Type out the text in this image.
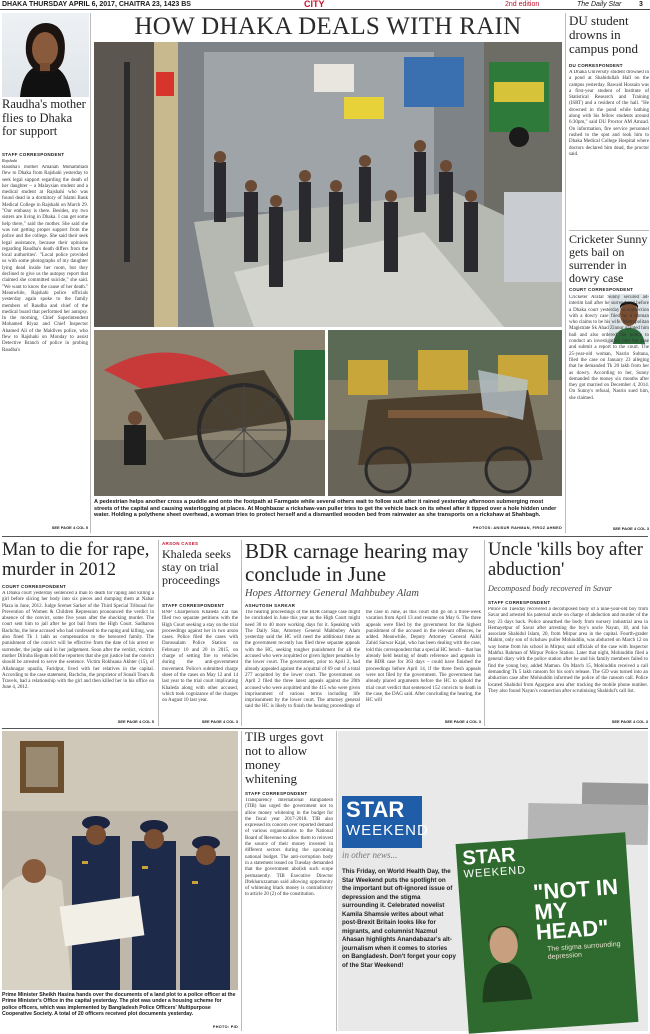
DHAKA THURSDAY APRIL 6, 2017, CHAITRA 23, 1423 BS	CITY	2nd edition	The Daily Star	3
Raudha's mother flies to Dhaka for support
STAFF CORRESPONDENT
Rajshahi
Raudha's mother Amanah Mohammadi flew to Dhaka from Rajshahi yesterday to seek legal support regarding the death of her daughter – a Malaysian student and a medical student at Rajshahi who was found dead in a dormitory of Islami Bank Medical College in Rajshahi on March 29. "Our embassy is there. Besides, my two sisters are living in Dhaka. I can get some help there," said the mother. She said she was not getting proper support from the police and the college. She said their seek legal assistance, because their opinions regarding Raudha's death differs from the local authorities'. "Local police provided us with some photographs of my daughter lying dead inside her room, but they declined to give us the autopsy report that claimed she committed suicide," she said. "We want to know the cause of her death." Meanwhile, Rajshahi police officials yesterday again spoke to the family members of Raudha and chief of the medical board that performed her autopsy. In the morning, Chief Superintendent Mohamed Riyaz and Chief Inspector Ahamed Ali of the Maldives police, who flew to Rajshahi on Monday to assist Detective Branch of police in probing Raudha's
SEE PAGE 4 COL 5
HOW DHAKA DEALS WITH RAIN
A pedestrian helps another cross a puddle and onto the footpath at Farmgate while several others wait to follow suit after it rained yesterday afternoon submerging most streets of the capital and causing waterlogging at places. At Moghbazar a rickshaw-van puller tries to get the vehicle back on its wheel after it tipped over a hole hidden under water. Holding a polythene sheet overhead, a woman tries to protect herself and a dismantled wooden bed from rainwater as she transports on a rickshaw at Shahbagh.
PHOTOS: ANISUR RAHMAN, FIROZ AHMED
DU student drowns in campus pond
DU CORRESPONDENT
A Dhaka University student drowned in a pond at Shahidullah Hall on the campus yesterday. Bawaid Hossain was a first-year student of Institute of Statistical Research and Training (ISRT) and a resident of the hall. "He drowned in the pond while bathing along with his fellow students around 6:30pm," said DU Proctor AM Amzad. On information, fire service personnel rushed to the spot and took him to Dhaka Medical College Hospital where doctors declared him dead, the proctor said.
Cricketer Sunny gets bail on surrender in dowry case
COURT CORRESPONDENT
Cricketer Arafat Sunny secured ad-interim bail after he surrendered before a Dhaka court yesterday in connection with a dowry case filed by a woman who claims to be his wife. Metropolitan Magistrate Sk Ahad Zinnur granted him bail and also ordered the police to conduct an investigation into the case and submit a report to the court. The 25-year-old woman, Nasrin Sultana, filed the case on January 23 alleging that he demanded Tk 20 lakh from her as dowry. According to her, Sunny demanded the money six months after they got married on December 4, 2014. On Sunny's refusal, Nasrin sued him, she claimed.
SEE PAGE 4 COL 3
Man to die for rape, murder in 2012
COURT CORRESPONDENT
A Dhaka court yesterday sentenced a man to death for raping and killing a girl before slicing her body into six pieces and dumping them at Nabar Plaza in June, 2012. Judge Sremet Sarker of the Third Special Tribunal for Prevention of Women & Children Repression pronounced the verdict in absence of the convict, some five years after the shocking murder. The court sent him to jail after he got bail from the High Court. Sadharon Bachchu, the lone accused who had confessed to the raping and killing, was also fined Tk 1 lakh as compensation to the bereaved family. The punishment of the convict will be effective from the date of his arrest or surrender, the judge said in her judgement. Soon after the verdict, victim's mother Dilruba Begum told the reporters that she got justice but the convict should be arrested to serve the sentence. Victim Rokhsana Akhter (15), of Allahnagar upazila, Faridpur, lived with her relatives in the capital. According to the case statement, Bachchu, the proprietor of Sonali Tours & Travels, had a relationship with the girl and then killed her in his office on June 4, 2012.
SEE PAGE 4 COL 5
ARSON CASES
Khaleda seeks stay on trial proceedings
STAFF CORRESPONDENT
BNP Chairperson Khaleda Zia has filed two separate petitions with the High Court seeking a stay on the trial proceedings against her in two arson cases. Police filed the cases with Darussalam Police Station on February 10 and 20 in 2015, on charge of setting fire to vehicles during the anti-government movement. Police's submitted charge sheet of the cases on May 12 and 14 last year to the trial court implicating Khaleda along with other accused, which took cognizance of the charges on August 10 last year.
SEE PAGE 4 COL 3
BDR carnage hearing may conclude in June
Hopes Attorney General Mahbubey Alam
ASHUTOSH SARKAR
The hearing proceedings of the BDR carnage case might be concluded in June this year as the High Court might need 30 to 40 more working days for it. Speaking with The Daily Star, Attorney General Mahbubey Alam yesterday said the HC will need the additional time as the government recently has filed three separate appeals with the HC, seeking tougher punishment for all the accused who were acquitted or given lighter penalties by the lower court. The government, prior to April 2, had already appealed against the acquittal of 69 out of a total 277 acquitted by the lower court. The government on April 2 filed the three latest appeals against the 20th accused who were acquitted and the 415 who were given imprisonment of various terms including life imprisonment by the lower court. The attorney general said the HC is likely to finish the hearing proceedings of the case in June, as this court still go on a three-week vacation from April 13 and resume on May 6. The three appeals were filed by the government for the highest punishment of the accused in the relevant offences, he added. Meanwhile, Deputy Attorney General Akhil Zahid Sarwar Kajal, who has been dealing with the case, told this correspondent that a special HC bench – that has already held hearing of death reference and appeals in the BDR case for 363 days – could have finished the proceedings before April 14, if the three fresh appeals were not filed by the government. The government has already placed arguments before the HC to uphold the trial court verdict that sentenced 152 convicts to death in the case, the DAG said. After concluding the hearing, the HC will
SEE PAGE 4 COL 3
Uncle 'kills boy after abduction'
Decomposed body recovered in Savar
STAFF CORRESPONDENT
Police on Tuesday recovered a decomposed body of a nine-year-old boy from Savar and arrested his paternal uncle on charge of abduction and murder of the boy 23 days back. Police unearthed the body from nursery industrial area in Hemayetpur of Savar after arresting the boy's uncle Nayan, 18, and his associate Shahidul Islam, 20, from Mirpur area in the capital. Fourth-grader Mahim, only son of rickshaw puller Mohiuddin, was abducted on March 12 on way home from his school in Mirpur, said officials of the case with Inspector Mahfuz Rahman of Mirpur Police Station. Later that night, Mohiuddin filed a general diary with the police station after he and his family members failed to find the young boy, added Mamun. On March 15, Mohiuddin received a call demanding Tk 5 lakh ransom for his son's release. The GD was turned into an abduction case after Mohiuddin informed the police of the ransom call. Police located Shahidul from Agargaon area after tracking the mobile phone number. They also found Nayan's connection after scrutinising Shahidul's call list.
SEE PAGE 4 COL 3
Prime Minister Sheikh Hasina hands over the documents of a land plot to a police officer at the Prime Minister's Office in the capital yesterday. The plot was under a housing scheme for police officers, which was implemented by Bangladesh Police Officers' Multipurpose Cooperative Society. A total of 20 officers received plot documents yesterday.
PHOTO: PID
TIB urges govt not to allow money whitening
STAFF CORRESPONDENT
Transparency International Bangladesh (TIB) has urged the government not to allow money whitening in the budget for the fiscal year 2017-2018. TIB also expressed its concern over reported demand of various organisations to the National Board of Revenue to allow them to reinvest the source of their money invested in different sectors during the upcoming national budget. The anti-corruption body in a statement issued on Tuesday demanded that the government abolish such scope permanently. TIB Executive Director Iftekharuzzaman said allowing opportunity of whitening black money is contradictory to article 20 (2) of the constitution.
STAR
WEEKEND
in other news...
This Friday, on World Health Day, the Star Weekend puts the spotlight on the important but oft-ignored issue of depression and the stigma surrounding it. Celebrated novelist Kamila Shamsie writes about what post-Brexit Britain looks like for migrants, and columnist Nazmul Ahasan highlights Anandabazar's alt-journalism when it comes to stories on Bangladesh. Don't forget your copy of the Star Weekend!
STAR
WEEKEND
"NOT IN MY HEAD"
The stigma surrounding depression
